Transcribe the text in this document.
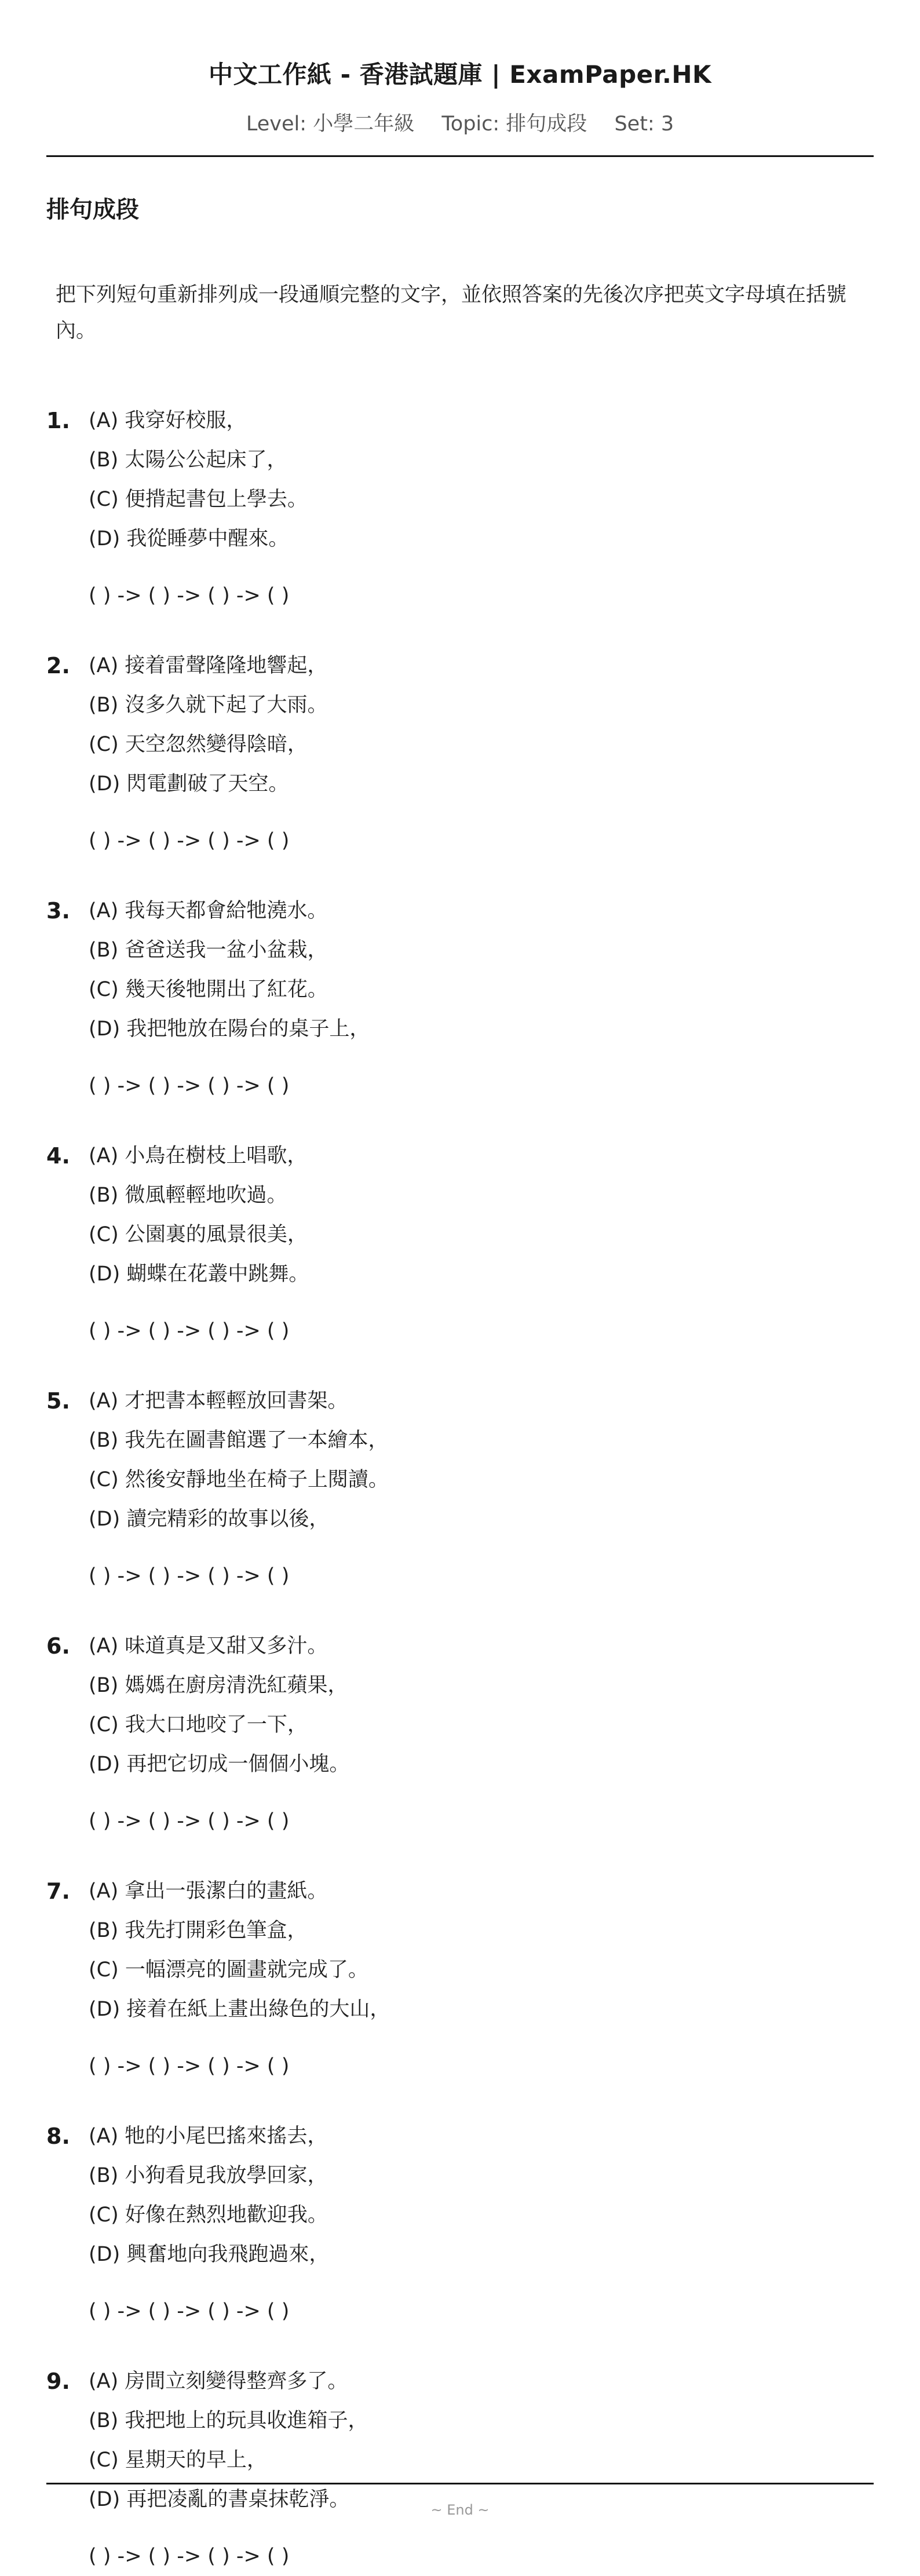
中文工作紙 - 香港試題庫 | ExamPaper.HK
Level: 小學二年級 Topic: 排句成段 Set: 3
排句成段
把下列短句重新排列成一段通順完整的文字，並依照答案的先後次序把英文字母填在括號內。
1. (A) 我穿好校服，
(B) 太陽公公起床了，
(C) 便揹起書包上學去。
(D) 我從睡夢中醒來。
( ) -> ( ) -> ( ) -> ( )
2. (A) 接着雷聲隆隆地響起，
(B) 沒多久就下起了大雨。
(C) 天空忽然變得陰暗，
(D) 閃電劃破了天空。
( ) -> ( ) -> ( ) -> ( )
3. (A) 我每天都會給牠澆水。
(B) 爸爸送我一盆小盆栽，
(C) 幾天後牠開出了紅花。
(D) 我把牠放在陽台的桌子上，
( ) -> ( ) -> ( ) -> ( )
4. (A) 小鳥在樹枝上唱歌，
(B) 微風輕輕地吹過。
(C) 公園裏的風景很美，
(D) 蝴蝶在花叢中跳舞。
( ) -> ( ) -> ( ) -> ( )
5. (A) 才把書本輕輕放回書架。
(B) 我先在圖書館選了一本繪本，
(C) 然後安靜地坐在椅子上閱讀。
(D) 讀完精彩的故事以後，
( ) -> ( ) -> ( ) -> ( )
6. (A) 味道真是又甜又多汁。
(B) 媽媽在廚房清洗紅蘋果，
(C) 我大口地咬了一下，
(D) 再把它切成一個個小塊。
( ) -> ( ) -> ( ) -> ( )
7. (A) 拿出一張潔白的畫紙。
(B) 我先打開彩色筆盒，
(C) 一幅漂亮的圖畫就完成了。
(D) 接着在紙上畫出綠色的大山，
( ) -> ( ) -> ( ) -> ( )
8. (A) 牠的小尾巴搖來搖去，
(B) 小狗看見我放學回家，
(C) 好像在熱烈地歡迎我。
(D) 興奮地向我飛跑過來，
( ) -> ( ) -> ( ) -> ( )
9. (A) 房間立刻變得整齊多了。
(B) 我把地上的玩具收進箱子，
(C) 星期天的早上，
(D) 再把凌亂的書桌抹乾淨。
( ) -> ( ) -> ( ) -> ( )
~ End ~
